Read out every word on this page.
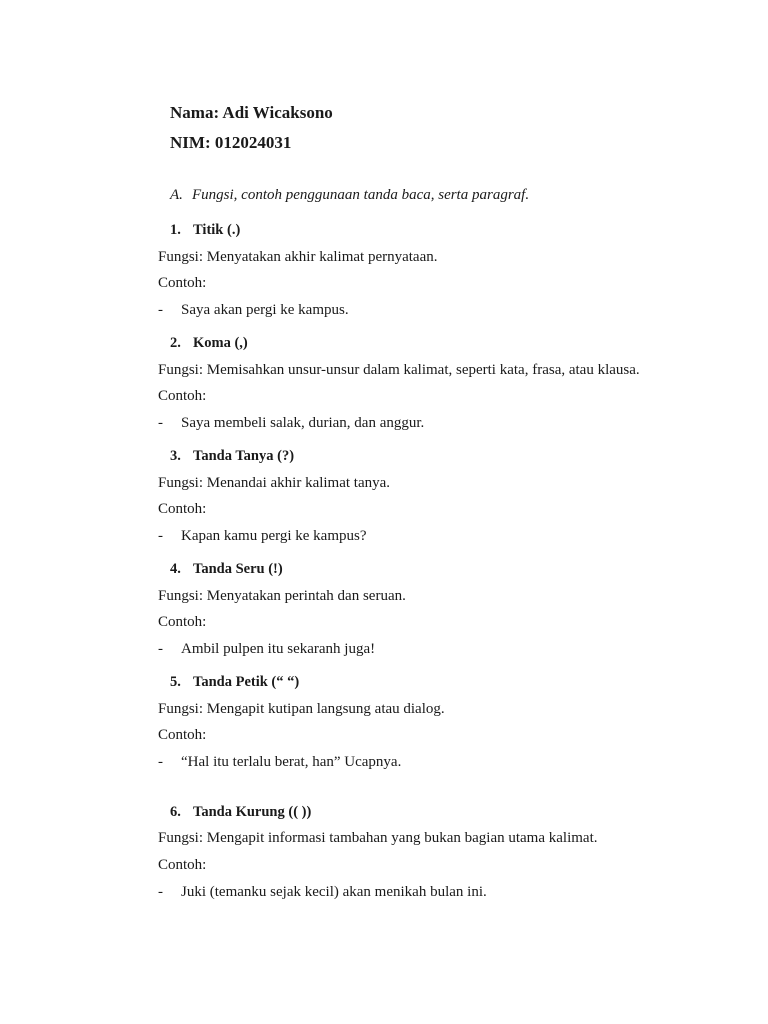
Nama: Adi Wicaksono
NIM: 012024031
A. Fungsi, contoh penggunaan tanda baca, serta paragraf.
1. Titik (.)
Fungsi: Menyatakan akhir kalimat pernyataan.
Contoh:
- Saya akan pergi ke kampus.
2. Koma (,)
Fungsi: Memisahkan unsur-unsur dalam kalimat, seperti kata, frasa, atau klausa.
Contoh:
- Saya membeli salak, durian, dan anggur.
3. Tanda Tanya (?)
Fungsi: Menandai akhir kalimat tanya.
Contoh:
- Kapan kamu pergi ke kampus?
4. Tanda Seru (!)
Fungsi: Menyatakan perintah dan seruan.
Contoh:
- Ambil pulpen itu sekaranh juga!
5. Tanda Petik (“ “)
Fungsi: Mengapit kutipan langsung atau dialog.
Contoh:
- “Hal itu terlalu berat, han” Ucapnya.
6. Tanda Kurung (( ))
Fungsi: Mengapit informasi tambahan yang bukan bagian utama kalimat.
Contoh:
- Juki (temanku sejak kecil) akan menikah bulan ini.
